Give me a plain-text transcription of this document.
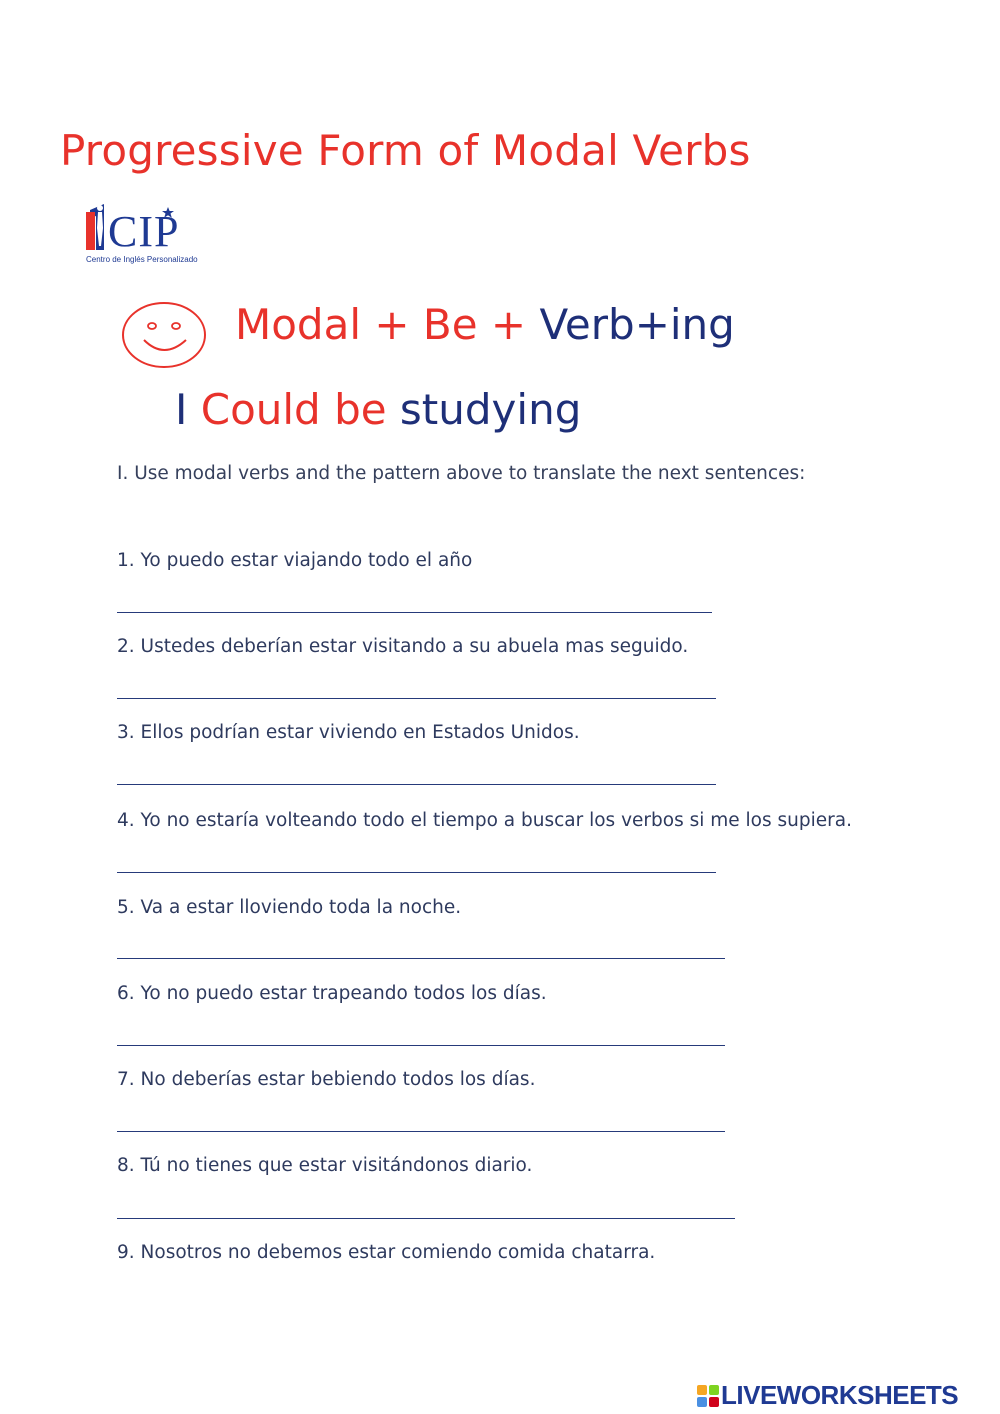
Progressive Form of Modal Verbs
CIP
Centro de Inglés Personalizado
Modal + Be + Verb+ing
I Could be studying
I. Use modal verbs and the pattern above to translate the next sentences:
1. Yo puedo estar viajando todo el año
2. Ustedes deberían estar visitando a su abuela mas seguido.
3. Ellos podrían estar viviendo en Estados Unidos.
4. Yo no estaría volteando todo el tiempo a buscar los verbos si me los supiera.
5. Va a estar lloviendo toda la noche.
6. Yo no puedo estar trapeando todos los días.
7. No deberías estar bebiendo todos los días.
8. Tú no tienes que estar visitándonos diario.
9. Nosotros no debemos estar comiendo comida chatarra.
LIVEWORKSHEETS
